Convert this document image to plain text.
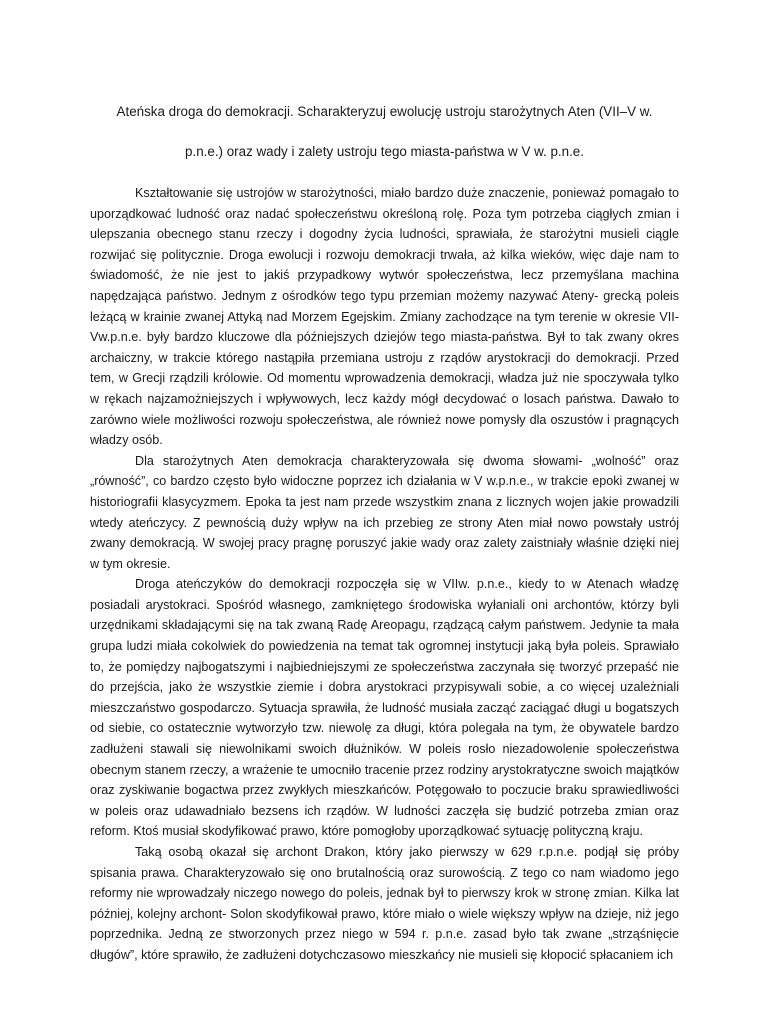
Ateńska droga do demokracji. Scharakteryzuj ewolucję ustroju starożytnych Aten (VII–V w.
p.n.e.) oraz wady i zalety ustroju tego miasta-państwa w V w. p.n.e.

Kształtowanie się ustrojów w starożytności, miało bardzo duże znaczenie, ponieważ pomagało to uporządkować ludność oraz nadać społeczeństwu określoną rolę. Poza tym potrzeba ciągłych zmian i ulepszania obecnego stanu rzeczy i dogodny życia ludności, sprawiała, że starożytni musieli ciągle rozwijać się politycznie. Droga ewolucji i rozwoju demokracji trwała, aż kilka wieków, więc daje nam to świadomość, że nie jest to jakiś przypadkowy wytwór społeczeństwa, lecz przemyślana machina napędzająca państwo. Jednym z ośrodków tego typu przemian możemy nazywać Ateny- grecką poleis leżącą w krainie zwanej Attyką nad Morzem Egejskim. Zmiany zachodzące na tym terenie w okresie VII-Vw.p.n.e. były bardzo kluczowe dla późniejszych dziejów tego miasta-państwa. Był to tak zwany okres archaiczny, w trakcie którego nastąpiła przemiana ustroju z rządów arystokracji do demokracji. Przed tem, w Grecji rządzili królowie. Od momentu wprowadzenia demokracji, władza już nie spoczywała tylko w rękach najzamożniejszych i wpływowych, lecz każdy mógł decydować o losach państwa. Dawało to zarówno wiele możliwości rozwoju społeczeństwa, ale również nowe pomysły dla oszustów i pragnących władzy osób.

Dla starożytnych Aten demokracja charakteryzowała się dwoma słowami- „wolność” oraz „równość”, co bardzo często było widoczne poprzez ich działania w V w.p.n.e., w trakcie epoki zwanej w historiografii klasycyzmem. Epoka ta jest nam przede wszystkim znana z licznych wojen jakie prowadzili wtedy ateńczycy. Z pewnością duży wpływ na ich przebieg ze strony Aten miał nowo powstały ustrój zwany demokracją. W swojej pracy pragnę poruszyć jakie wady oraz zalety zaistniały właśnie dzięki niej w tym okresie.

Droga ateńczyków do demokracji rozpoczęła się w VIIw. p.n.e., kiedy to w Atenach władzę posiadali arystokraci. Spośród własnego, zamkniętego środowiska wyłaniali oni archontów, którzy byli urzędnikami składającymi się na tak zwaną Radę Areopagu, rządzącą całym państwem. Jedynie ta mała grupa ludzi miała cokolwiek do powiedzenia na temat tak ogromnej instytucji jaką była poleis. Sprawiało to, że pomiędzy najbogatszymi i najbiedniejszymi ze społeczeństwa zaczynała się tworzyć przepaść nie do przejścia, jako że wszystkie ziemie i dobra arystokraci przypisywali sobie, a co więcej uzależniali mieszczaństwo gospodarczo. Sytuacja sprawiła, że ludność musiała zacząć zaciągać długi u bogatszych od siebie, co ostatecznie wytworzyło tzw. niewolę za długi, która polegała na tym, że obywatele bardzo zadłużeni stawali się niewolnikami swoich dłużników. W poleis rosło niezadowolenie społeczeństwa obecnym stanem rzeczy, a wrażenie te umocniło tracenie przez rodziny arystokratyczne swoich majątków oraz zyskiwanie bogactwa przez zwykłych mieszkańców. Potęgowało to poczucie braku sprawiedliwości w poleis oraz udawadniało bezsens ich rządów. W ludności zaczęła się budzić potrzeba zmian oraz reform. Ktoś musiał skodyfikować prawo, które pomogłoby uporządkować sytuację polityczną kraju.

Taką osobą okazał się archont Drakon, który jako pierwszy w 629 r.p.n.e. podjął się próby spisania prawa. Charakteryzowało się ono brutalnością oraz surowością. Z tego co nam wiadomo jego reformy nie wprowadzały niczego nowego do poleis, jednak był to pierwszy krok w stronę zmian. Kilka lat później, kolejny archont- Solon skodyfikował prawo, które miało o wiele większy wpływ na dzieje, niż jego poprzednika. Jedną ze stworzonych przez niego w 594 r. p.n.e. zasad było tak zwane „strząśnięcie długów”, które sprawiło, że zadłużeni dotychczasowo mieszkańcy nie musieli się kłopocić spłacaniem ich
